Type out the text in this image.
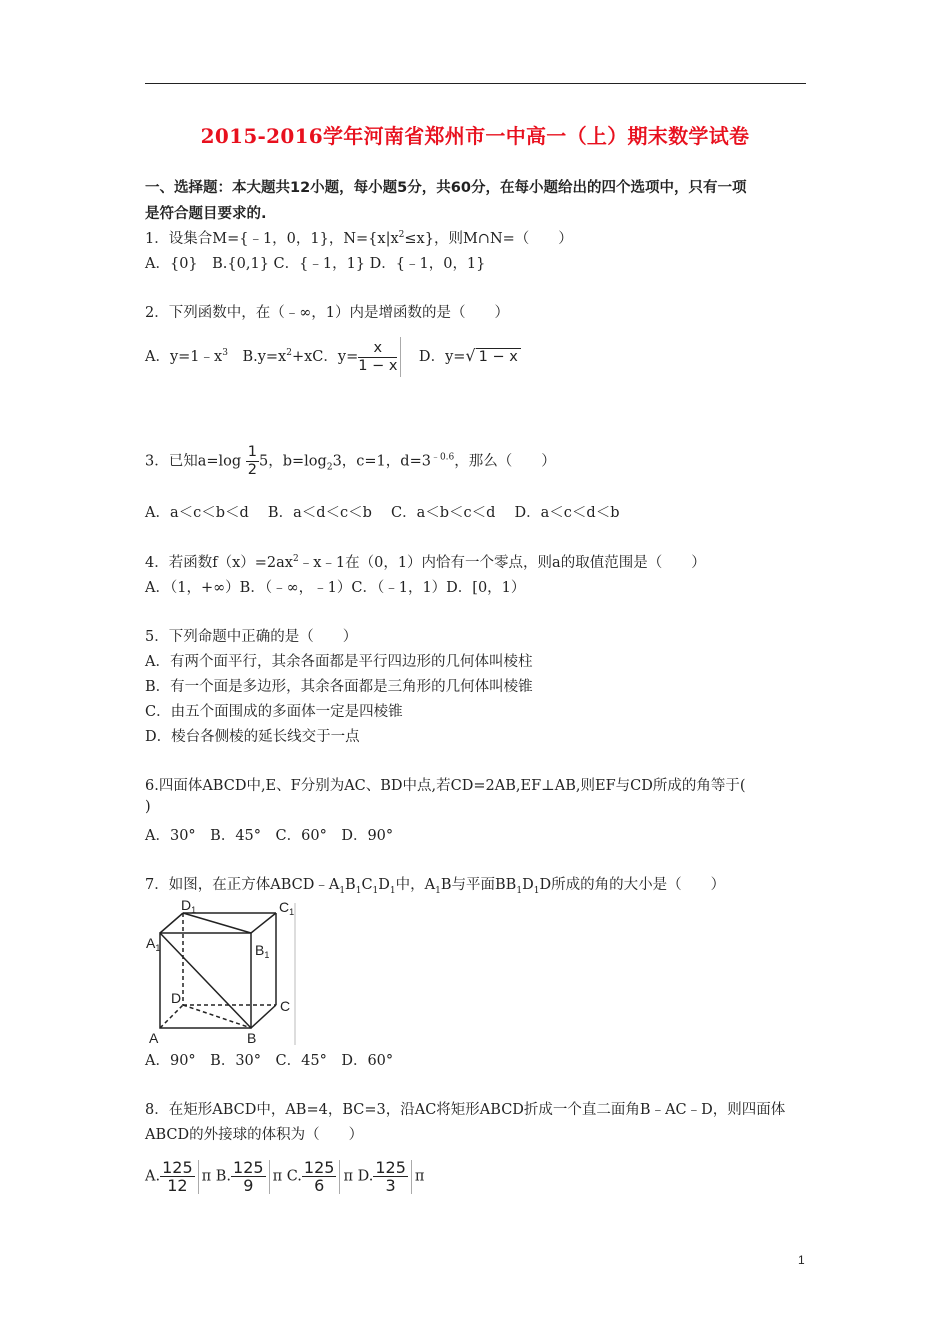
2015-2016学年河南省郑州市一中高一（上）期末数学试卷
一、选择题：本大题共12小题，每小题5分，共60分，在每小题给出的四个选项中，只有一项
是符合题目要求的.
1．设集合M={﹣1，0，1}，$N=\{x|x^2\le x\}$，则M∩N=（　　）
A．{0}　B.{0,1} C．{﹣1，1} D．{﹣1，0，1}
2．下列函数中，在（﹣∞，1）内是增函数的是（　　）
A．$y=1﹣x^3$　$B.y=x^2+xC$．$y= \frac{x}{1 - x}$ 　D．y=√ 1 − x
3．已知$a=\log \frac{1}{2} 5$，$b=\log_23$，c=1，$d=3^{﹣0.6}$，那么（　　）
A．a＜c＜b＜d　 B．a＜d＜c＜b　 C．a＜b＜c＜d　 D．a＜c＜d＜b
4．若函数$f(x)=2ax^2﹣x﹣1$在（0，1）内恰有一个零点，则a的取值范围是（　　）
A．（1，+∞）B．（﹣∞，﹣1）C．（﹣1，1）D．[0，1）
5．下列命题中正确的是（　　）
A．有两个面平行，其余各面都是平行四边形的几何体叫棱柱
B．有一个面是多边形，其余各面都是三角形的几何体叫棱锥
C．由五个面围成的多面体一定是四棱锥
D．棱台各侧棱的延长线交于一点
6.四面体ABCD中,E、F分别为AC、BD中点,若CD=2AB,EF⊥AB,则EF与CD所成的角等于(
)
A．30°　B．45°　C．60°　D．90°
7．如图，在正方体$ABCD﹣A_1B_1C_1D_1$中，$A_1B$与平面$BB_1D_1D$所成的角的大小是（　　）
$D_1$	$C_1$
$A_1$	$B_1$
D	C
A	B
A．90°　B．30°　C．45°　D．60°
8．在矩形ABCD中，AB=4，BC=3，沿AC将矩形ABCD折成一个直二面角B﹣AC﹣D，则四面体
ABCD的外接球的体积为（　　）
A. $\frac{125}{12}$ π B. $\frac{125}{9}$ π C. $\frac{125}{6}$ π D. $\frac{125}{3}$ π
1
